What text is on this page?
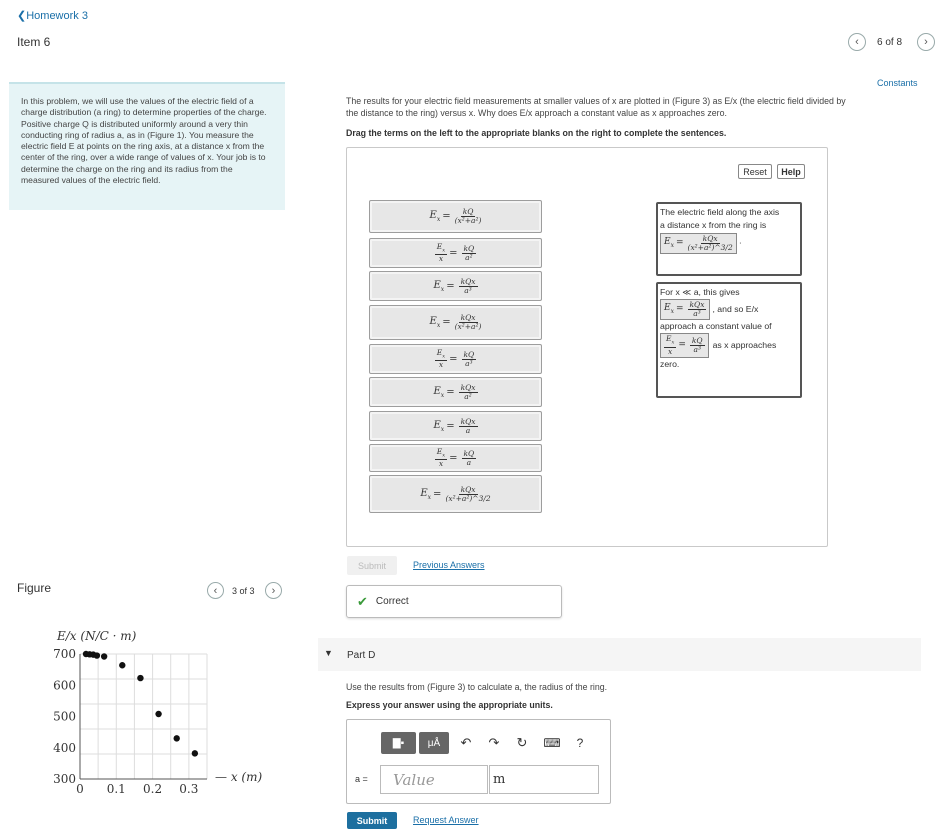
❮Homework 3
Item 6	‹ 6 of 8 ›
In this problem, we will use the values of the electric field of a charge distribution (a ring) to determine properties of the charge. Positive charge Q is distributed uniformly around a very thin conducting ring of radius a, as in (Figure 1). You measure the electric field E at points on the ring axis, at a distance x from the center of the ring, over a wide range of values of x. Your job is to determine the charge on the ring and its radius from the measured values of the electric field.
Constants
The results for your electric field measurements at smaller values of x are plotted in (Figure 3) as E/x (the electric field divided by
the distance to the ring) versus x. Why does E/x approach a constant value as x approaches zero.
Drag the terms on the left to the appropriate blanks on the right to complete the sentences.
Reset	Help
$E_x = \frac{kQ}{\text{(x²+a²)}}$
$\frac{E_x}{x} = \frac{kQ}{\text{a²}}$
$E_x = \frac{\text{kQx}}{\text{a³}}$
$E_x = \frac{\text{kQx}}{\text{(x²+a²)}}$
$\frac{E_x}{x} = \frac{kQ}{\text{a³}}$
$E_x = \frac{\text{kQx}}{\text{a²}}$
$E_x = \frac{\text{kQx}}{a}$
$\frac{E_x}{x} = \frac{kQ}{a}$
$E_x = \frac{\text{kQx}}{\text{(x²+a²)\textasciicircum{}3/2}}$
The electric field along the axis
a distance x from the ring is
$E_x = \frac{\text{kQx}}{\text{(x²+a²)\textasciicircum{}3/2}}$ .
For x ≪ a, this gives
$E_x = \frac{\text{kQx}}{\text{a³}}$ , and so E/x
approach a constant value of
$\frac{E_x}{x} = \frac{kQ}{\text{a³}}$ as x approaches
zero.
Submit	Previous Answers
✔ Correct
Figure	‹ 3 of 3 ›
0 0.1 0.2 0.3
300
400
500
600
700
E/x (N/C · m)
— x (m)
▼ Part D
Use the results from (Figure 3) to calculate a, the radius of the ring.
Express your answer using the appropriate units.
▇▪	μÅ	↶ ↷ ↻ ⌨	?
a = Value	m
Submit	Request Answer
